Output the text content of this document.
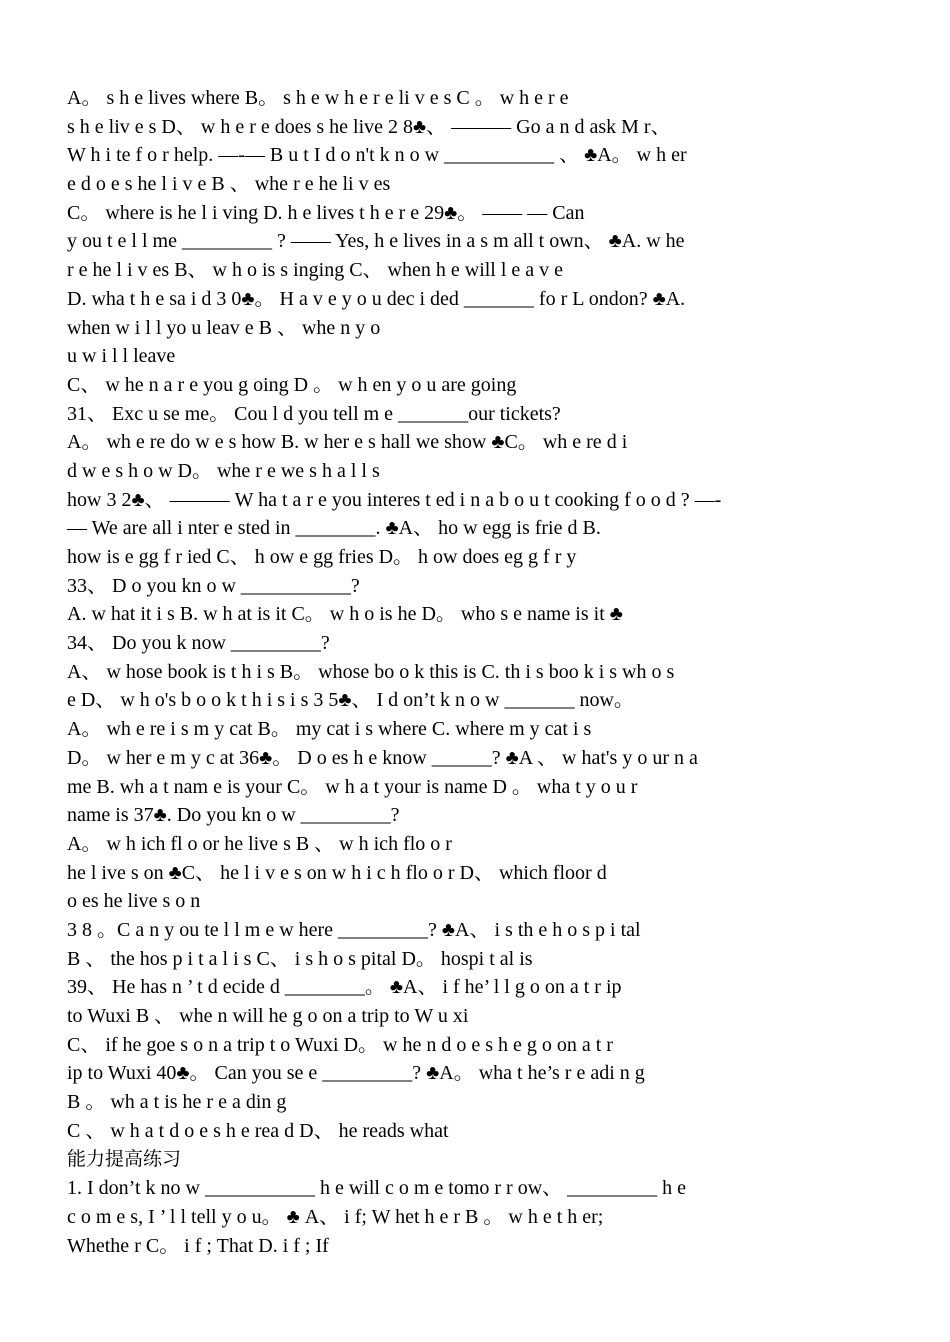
A。 s h e lives where B。 s h e w h e r e li v e s C 。 w h e r e
s h e liv e s D、 w h e r e does s he live 2 8♣、 ——— Go a n d ask M r、
W h i te f o r help. —-— B u t I d o n't k n o w ___________ 、 ♣A。 w h er
e d o e s he l i v e B 、 whe r e he li v es
C。 where is he l i ving D. h e lives t h e r e 29♣。 —— — Can
y ou t e l l me _________ ? —— Yes, h e lives in a s m all t own、 ♣A. w he
r e he l i v es B、 w h o is s inging C、 when h e will l e a v e
D. wha t h e sa i d 3 0♣。 H a v e y o u dec i ded _______ fo r L ondon? ♣A.
when w i l l yo u leav e B 、 whe n y o
u w i l l leave
C、 w he n a r e you g oing D 。 w h en y o u are going
31、 Exc u se me。 Cou l d you tell m e _______our tickets?
A。 wh e re do w e s how B. w her e s hall we show ♣C。 wh e re d i
d w e s h o w D。 whe r e we s h a l l s
how 3 2♣、 ——— W ha t a r e you interes t ed i n a b o u t cooking f o o d ? —-
— We are all i nter e sted in ________. ♣A、 ho w egg is frie d B.
how is e gg f r ied C、 h ow e gg fries D。 h ow does eg g f r y
33、 D o you kn o w ___________?
A. w hat it i s B. w h at is it C。 w h o is he D。 who s e name is it ♣
34、 Do you k now _________?
A、 w hose book is t h i s B。 whose bo o k this is C. th i s boo k i s wh o s
e D、 w h o's b o o k t h i s i s 3 5♣、 I d on’t k n o w _______ now。
A。 wh e re i s m y cat B。 my cat i s where C. where m y cat i s
D。 w her e m y c at 36♣。 D o es h e know ______? ♣A 、 w hat's y o ur n a
me B. wh a t nam e is your C。 w h a t your is name D 。 wha t y o u r
name is 37♣. Do you kn o w _________?
A。 w h ich fl o or he live s B 、 w h ich flo o r
he l ive s on ♣C、 he l i v e s on w h i c h flo o r D、 which floor d
o es he live s o n
3 8 。C a n y ou te l l m e w here _________? ♣A、 i s th e h o s p i tal
B 、 the hos p i t a l i s C、 i s h o s pital D。 hospi t al is
39、 He has n ’ t d ecide d ________。 ♣A、 i f he’ l l g o on a t r ip
to Wuxi B 、 whe n will he g o on a trip to W u xi
C、 if he goe s o n a trip t o Wuxi D。 w he n d o e s h e g o on a t r
ip to Wuxi 40♣。 Can you se e _________? ♣A。 wha t he’s r e adi n g
B 。 wh a t is he r e a din g
C 、 w h a t d o e s h e rea d D、 he reads what
能力提高练习
1. I don’t k no w ___________ h e will c o m e tomo r r ow、 _________ h e
c o m e s, I ’ l l tell y o u。 ♣ A、 i f; W het h e r B 。 w h e t h er;
Whethe r C。 i f ; That D. i f ; If
